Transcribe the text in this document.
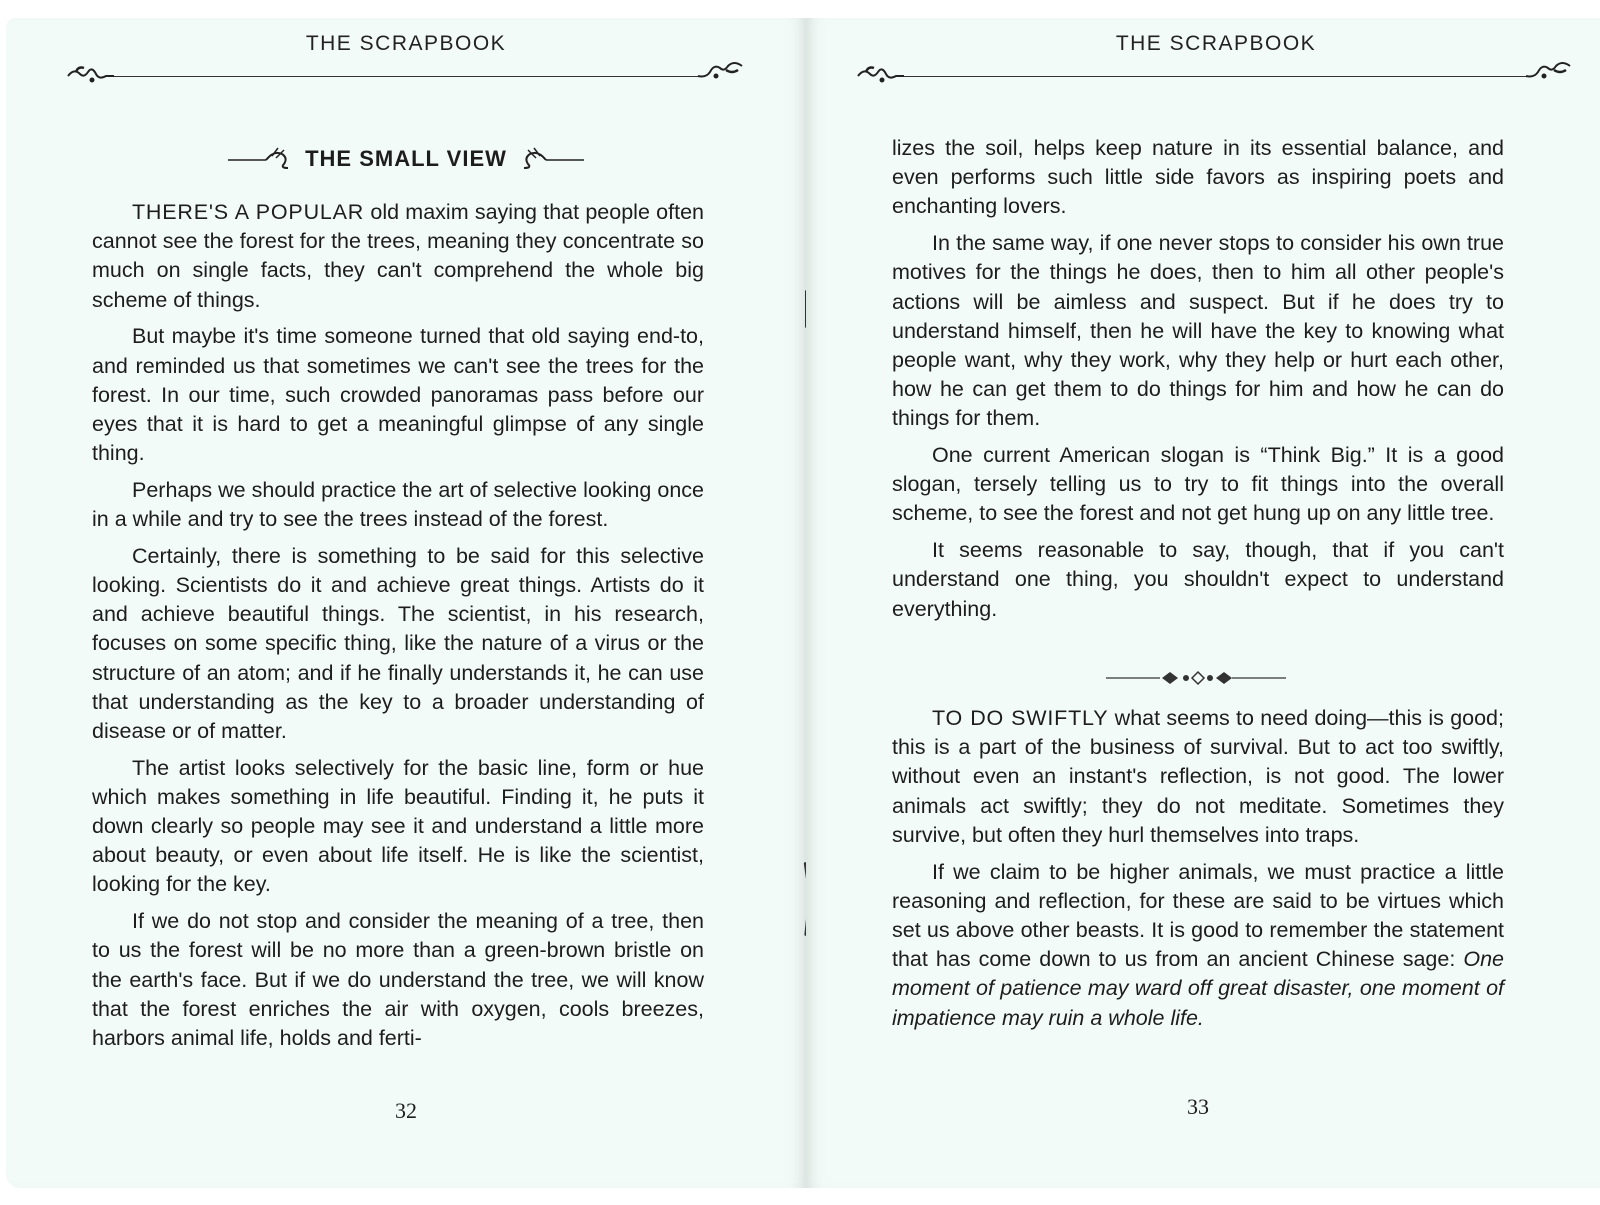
THE SCRAPBOOK
THE SMALL VIEW

THERE'S A POPULAR old maxim saying that people often cannot see the forest for the trees, meaning they concentrate so much on single facts, they can't comprehend the whole big scheme of things.

But maybe it's time someone turned that old saying end-to, and reminded us that sometimes we can't see the trees for the forest. In our time, such crowded panoramas pass before our eyes that it is hard to get a meaningful glimpse of any single thing.

Perhaps we should practice the art of selective looking once in a while and try to see the trees instead of the forest.

Certainly, there is something to be said for this selective looking. Scientists do it and achieve great things. Artists do it and achieve beautiful things. The scientist, in his research, focuses on some specific thing, like the nature of a virus or the structure of an atom; and if he finally understands it, he can use that understanding as the key to a broader understanding of disease or of matter.

The artist looks selectively for the basic line, form or hue which makes something in life beautiful. Finding it, he puts it down clearly so people may see it and understand a little more about beauty, or even about life itself. He is like the scientist, looking for the key.

If we do not stop and consider the meaning of a tree, then to us the forest will be no more than a green-brown bristle on the earth's face. But if we do understand the tree, we will know that the forest enriches the air with oxygen, cools breezes, harbors animal life, holds and ferti-

32
THE SCRAPBOOK

lizes the soil, helps keep nature in its essential balance, and even performs such little side favors as inspiring poets and enchanting lovers.

In the same way, if one never stops to consider his own true motives for the things he does, then to him all other people's actions will be aimless and suspect. But if he does try to understand himself, then he will have the key to knowing what people want, why they work, why they help or hurt each other, how he can get them to do things for him and how he can do things for them.

One current American slogan is “Think Big.” It is a good slogan, tersely telling us to try to fit things into the overall scheme, to see the forest and not get hung up on any little tree.

It seems reasonable to say, though, that if you can't understand one thing, you shouldn't expect to understand everything.

TO DO SWIFTLY what seems to need doing—this is good; this is a part of the business of survival. But to act too swiftly, without even an instant's reflection, is not good. The lower animals act swiftly; they do not meditate. Sometimes they survive, but often they hurl themselves into traps.

If we claim to be higher animals, we must practice a little reasoning and reflection, for these are said to be virtues which set us above other beasts. It is good to remember the statement that has come down to us from an ancient Chinese sage: One moment of patience may ward off great disaster, one moment of impatience may ruin a whole life.

33
